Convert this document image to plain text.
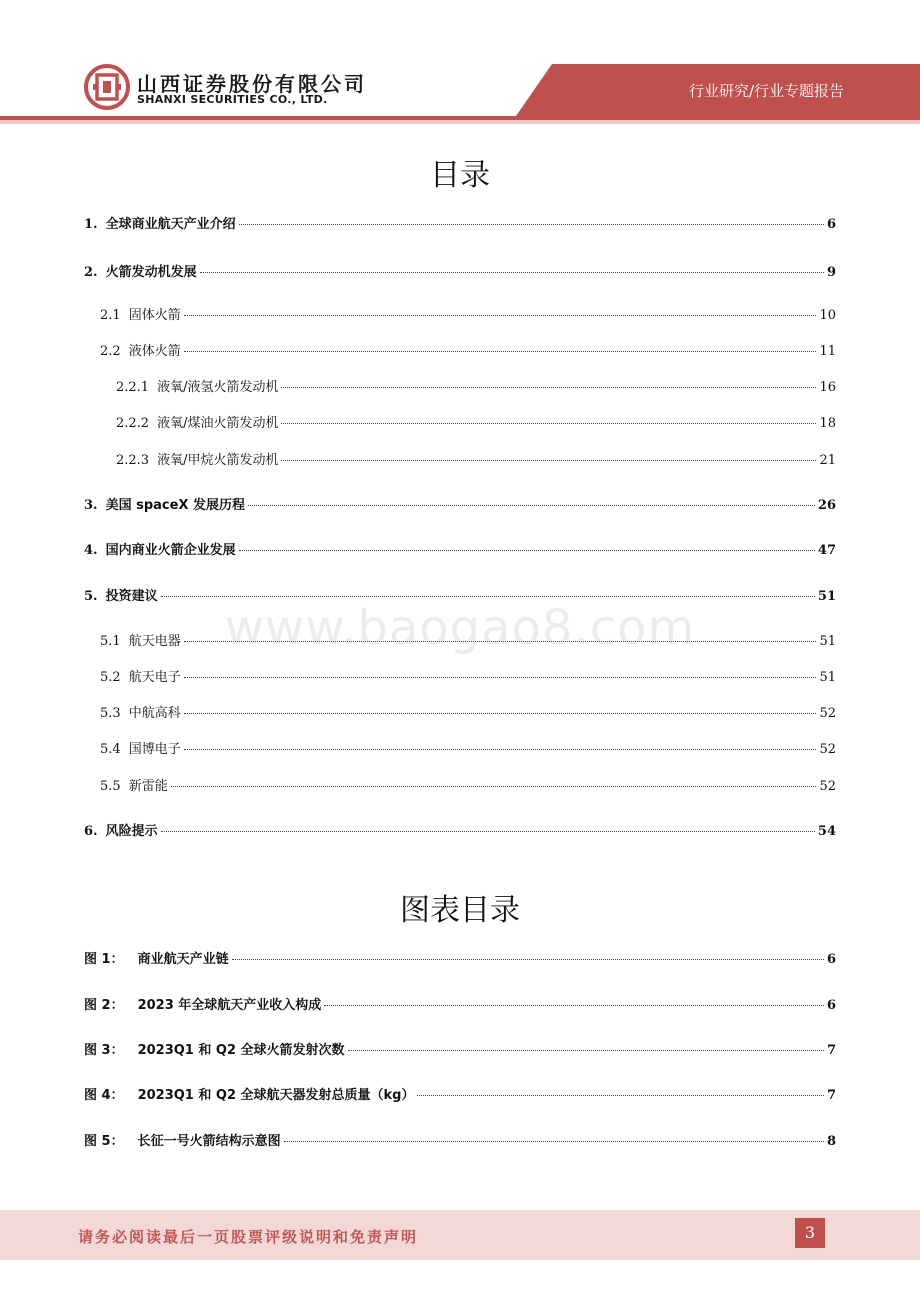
山西证券股份有限公司
SHANXI SECURITIES CO., LTD.	行业研究/行业专题报告
目录
1. 全球商业航天产业介绍	6
2. 火箭发动机发展	9
2.1 固体火箭	10
2.2 液体火箭	11
2.2.1 液氧/液氢火箭发动机	16
2.2.2 液氧/煤油火箭发动机	18
2.2.3 液氧/甲烷火箭发动机	21
3. 美国 spaceX 发展历程	26
4. 国内商业火箭企业发展	47
5. 投资建议	51
5.1 航天电器	51
5.2 航天电子	51
5.3 中航高科	52
5.4 国博电子	52
5.5 新雷能	52
6. 风险提示	54
图表目录
图 1： 商业航天产业链	6
图 2： 2023 年全球航天产业收入构成	6
图 3： 2023Q1 和 Q2 全球火箭发射次数	7
图 4： 2023Q1 和 Q2 全球航天器发射总质量（kg）	7
图 5： 长征一号火箭结构示意图	8
www.baogao8.com
请务必阅读最后一页股票评级说明和免责声明	3
